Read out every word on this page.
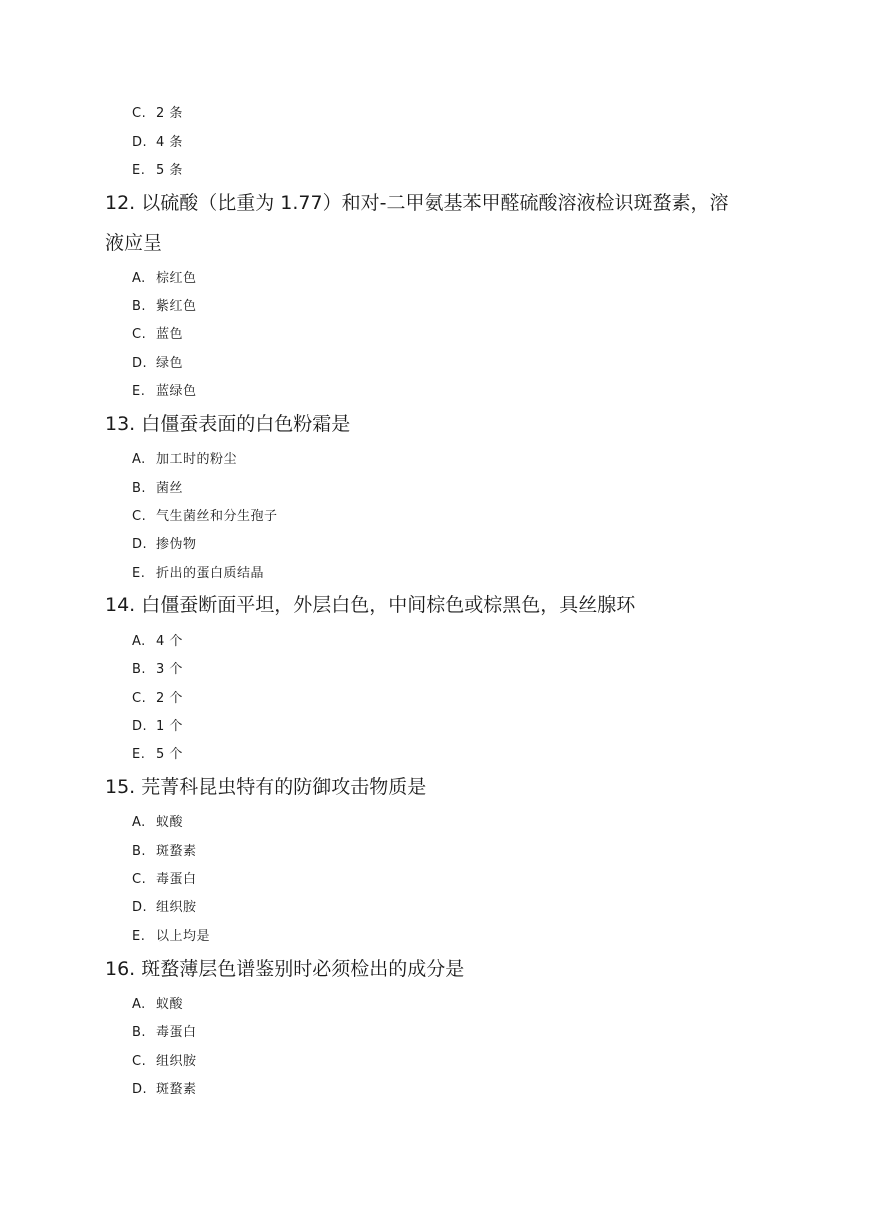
C. 2 条
D. 4 条
E. 5 条
12. 以硫酸（比重为 1.77）和对-二甲氨基苯甲醛硫酸溶液检识斑蝥素，溶
液应呈
A. 棕红色
B. 紫红色
C. 蓝色
D. 绿色
E. 蓝绿色
13. 白僵蚕表面的白色粉霜是
A. 加工时的粉尘
B. 菌丝
C. 气生菌丝和分生孢子
D. 掺伪物
E. 折出的蛋白质结晶
14. 白僵蚕断面平坦，外层白色，中间棕色或棕黑色，具丝腺环
A. 4 个
B. 3 个
C. 2 个
D. 1 个
E. 5 个
15. 芫菁科昆虫特有的防御攻击物质是
A. 蚁酸
B. 斑蝥素
C. 毒蛋白
D. 组织胺
E. 以上均是
16. 斑蝥薄层色谱鉴别时必须检出的成分是
A. 蚁酸
B. 毒蛋白
C. 组织胺
D. 斑蝥素
